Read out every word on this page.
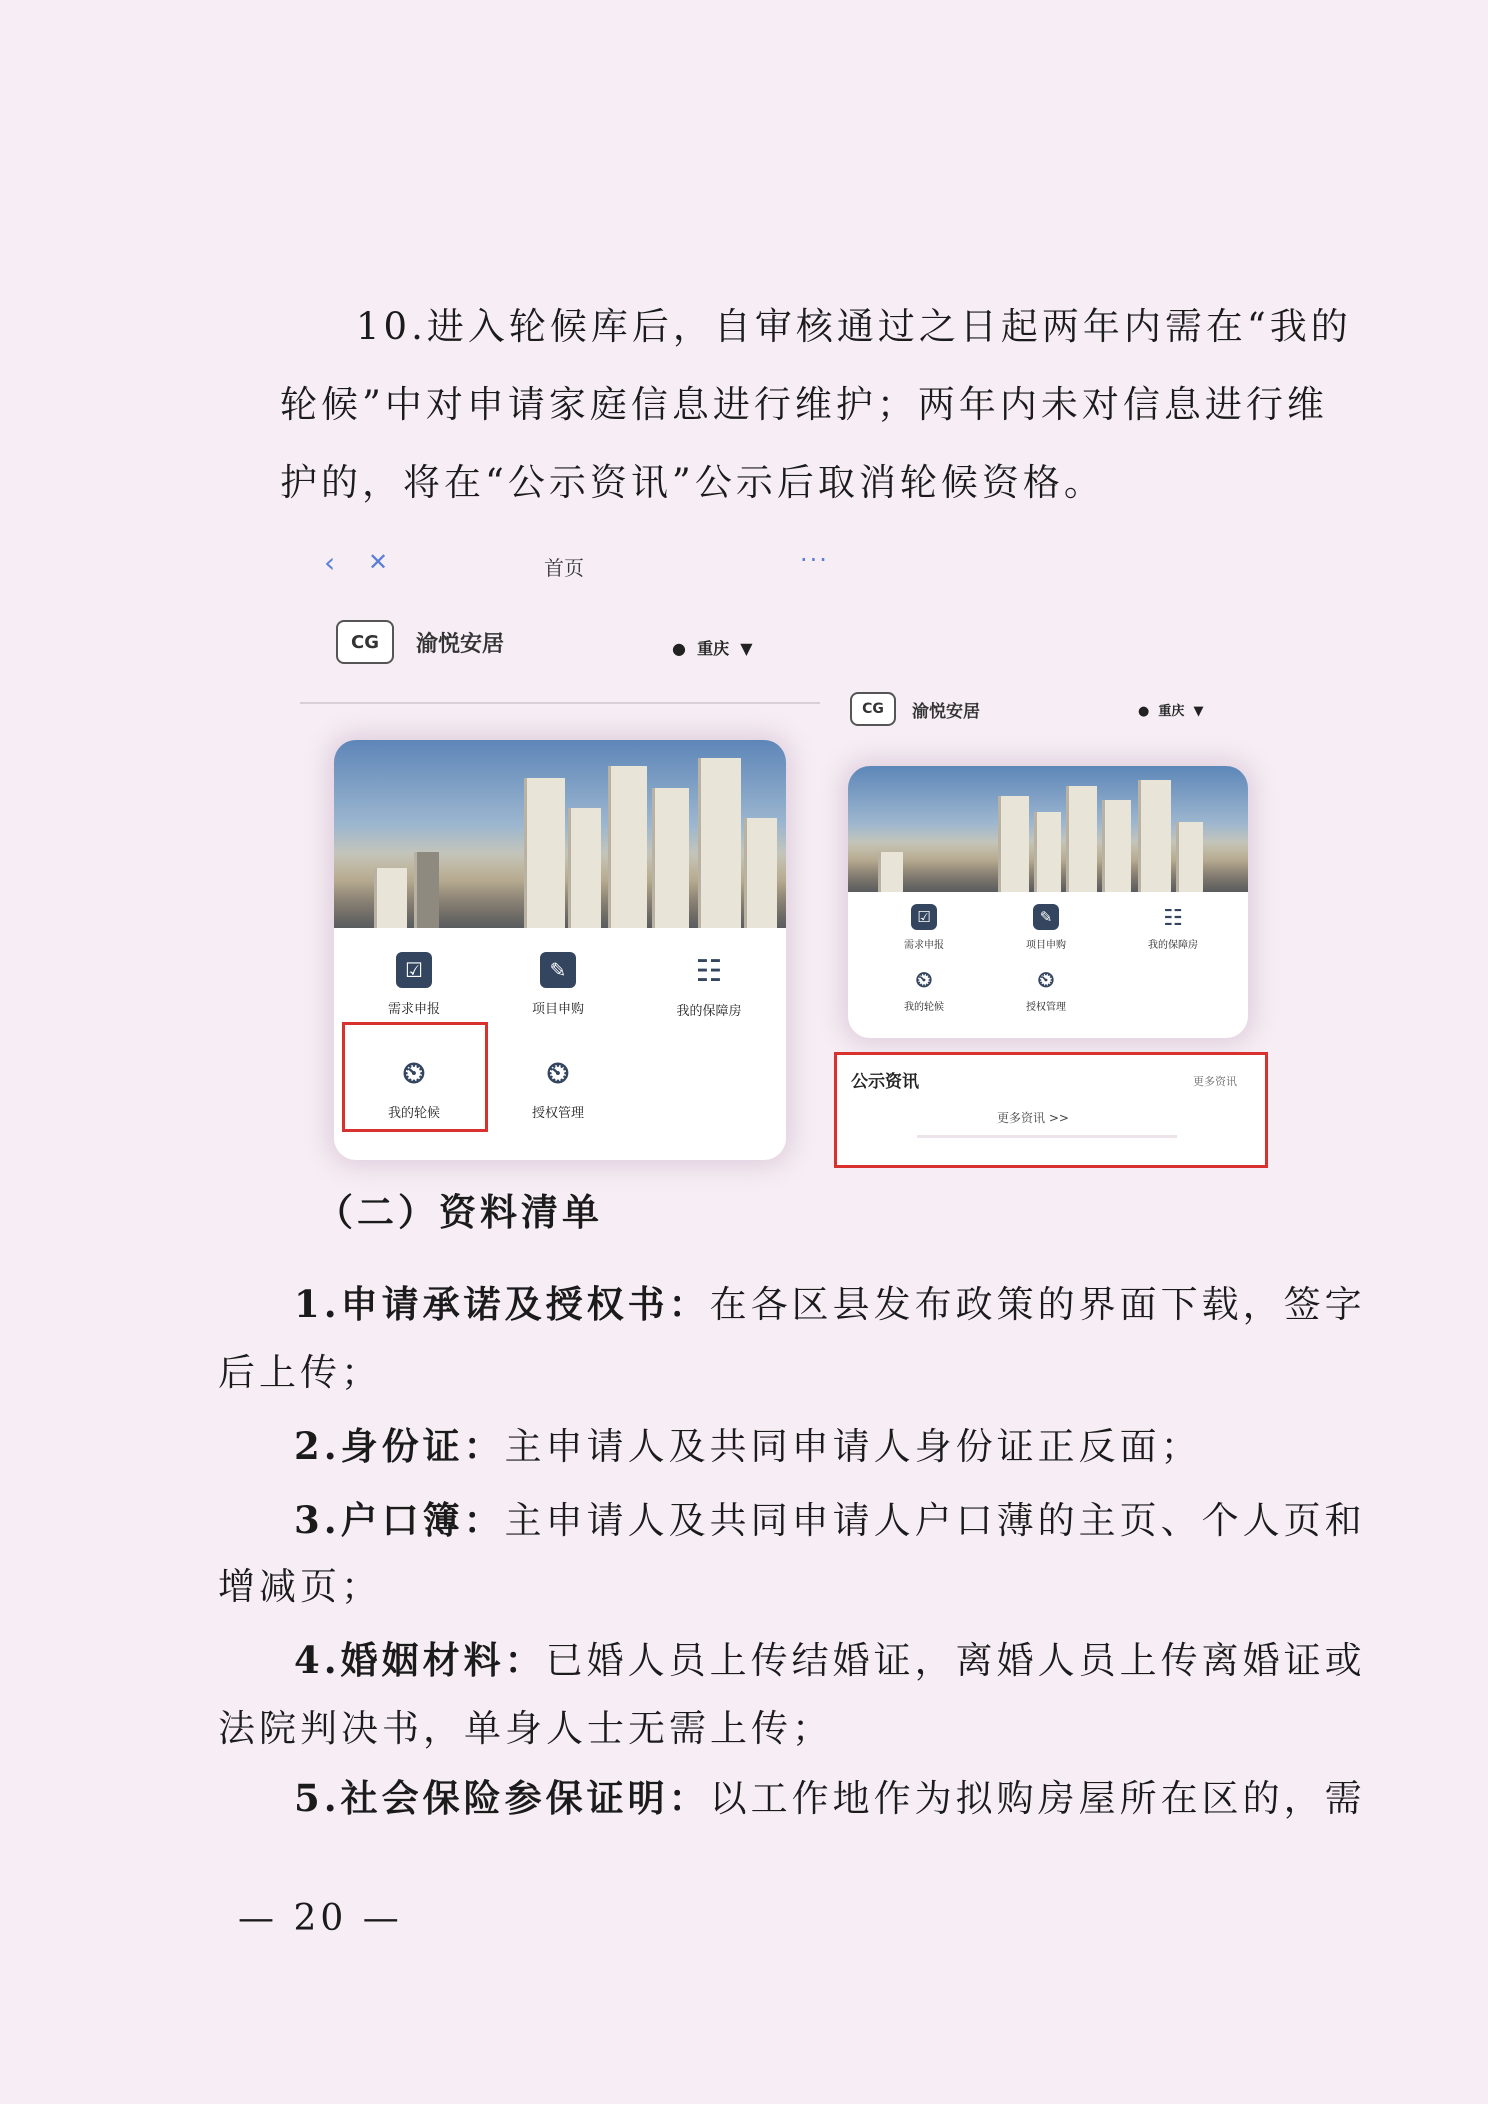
10.进入轮候库后，自审核通过之日起两年内需在“我的
轮候”中对申请家庭信息进行维护；两年内未对信息进行维
护的，将在“公示资讯”公示后取消轮候资格。
‹ ✕	首页	···
CG	渝悦安居	● 重庆 ▼
☑
需求申报
✎
项目申购
☷
我的保障房
⏲
我的轮候
⏲
授权管理
CG	渝悦安居	● 重庆 ▼
☑
需求申报
✎
项目申购
☷
我的保障房
⏲
我的轮候
⏲
授权管理
公示资讯	更多资讯
更多资讯 >>
（二）资料清单
1.申请承诺及授权书：在各区县发布政策的界面下载，签字
后上传；
2.身份证：主申请人及共同申请人身份证正反面；
3.户口簿：主申请人及共同申请人户口薄的主页、个人页和
增减页；
4.婚姻材料：已婚人员上传结婚证，离婚人员上传离婚证或
法院判决书，单身人士无需上传；
5.社会保险参保证明：以工作地作为拟购房屋所在区的，需
— 20 —
